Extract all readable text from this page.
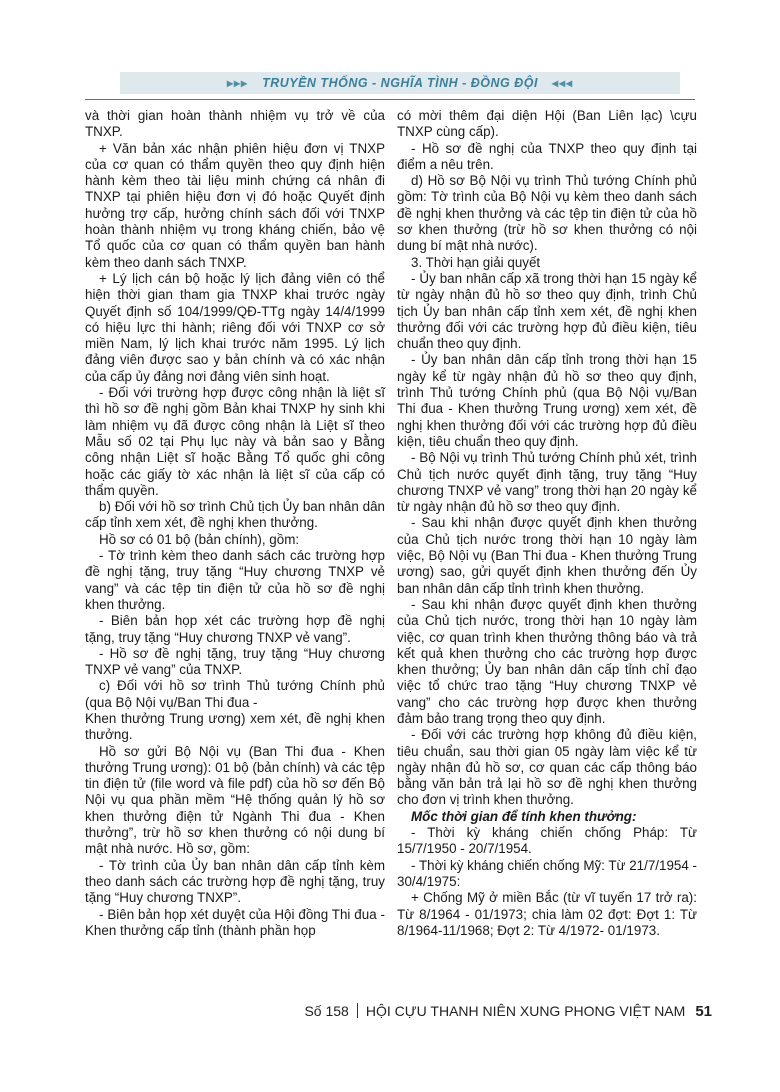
▸▸▸ TRUYỀN THỐNG - NGHĨA TÌNH - ĐỒNG ĐỘI ◂◂◂

và thời gian hoàn thành nhiệm vụ trở về của TNXP.

+ Văn bản xác nhận phiên hiệu đơn vị TNXP của cơ quan có thẩm quyền theo quy định hiện hành kèm theo tài liệu minh chứng cá nhân đi TNXP tại phiên hiệu đơn vị đó hoặc Quyết định hưởng trợ cấp, hưởng chính sách đối với TNXP hoàn thành nhiệm vụ trong kháng chiến, bảo vệ Tổ quốc của cơ quan có thẩm quyền ban hành kèm theo danh sách TNXP.

+ Lý lịch cán bộ hoặc lý lịch đảng viên có thể hiện thời gian tham gia TNXP khai trước ngày Quyết định số 104/1999/QĐ-TTg ngày 14/4/1999 có hiệu lực thi hành; riêng đối với TNXP cơ sở miền Nam, lý lịch khai trước năm 1995. Lý lịch đảng viên được sao y bản chính và có xác nhận của cấp ủy đảng nơi đảng viên sinh hoạt.

- Đối với trường hợp được công nhận là liệt sĩ thì hồ sơ đề nghị gồm Bản khai TNXP hy sinh khi làm nhiệm vụ đã được công nhận là Liệt sĩ theo Mẫu số 02 tại Phụ lục này và bản sao y Bằng công nhận Liệt sĩ hoặc Bằng Tổ quốc ghi công hoặc các giấy tờ xác nhận là liệt sĩ của cấp có thẩm quyền.

b) Đối với hồ sơ trình Chủ tịch Ủy ban nhân dân cấp tỉnh xem xét, đề nghị khen thưởng.

Hồ sơ có 01 bộ (bản chính), gồm:

- Tờ trình kèm theo danh sách các trường hợp đề nghị tặng, truy tặng “Huy chương TNXP vẻ vang” và các tệp tin điện tử của hồ sơ đề nghị khen thưởng.

- Biên bản họp xét các trường hợp đề nghị tặng, truy tặng “Huy chương TNXP vẻ vang”.

- Hồ sơ đề nghị tặng, truy tặng “Huy chương TNXP vẻ vang” của TNXP.

c) Đối với hồ sơ trình Thủ tướng Chính phủ (qua Bộ Nội vụ/Ban Thi đua -

Khen thưởng Trung ương) xem xét, đề nghị khen thưởng.

Hồ sơ gửi Bộ Nội vụ (Ban Thi đua - Khen thưởng Trung ương): 01 bộ (bản chính) và các tệp tin điện tử (file word và file pdf) của hồ sơ đến Bộ Nội vụ qua phần mềm “Hệ thống quản lý hồ sơ khen thưởng điện tử Ngành Thi đua - Khen thưởng”, trừ hồ sơ khen thưởng có nội dung bí mật nhà nước. Hồ sơ, gồm:

- Tờ trình của Ủy ban nhân dân cấp tỉnh kèm theo danh sách các trường hợp đề nghị tặng, truy tặng “Huy chương TNXP”.

- Biên bản họp xét duyệt của Hội đồng Thi đua - Khen thưởng cấp tỉnh (thành phần họp

có mời thêm đại diện Hội (Ban Liên lạc) \cựu TNXP cùng cấp).

- Hồ sơ đề nghị của TNXP theo quy định tại điểm a nêu trên.

d) Hồ sơ Bộ Nội vụ trình Thủ tướng Chính phủ gồm: Tờ trình của Bộ Nội vụ kèm theo danh sách đề nghị khen thưởng và các tệp tin điện tử của hồ sơ khen thưởng (trừ hồ sơ khen thưởng có nội dung bí mật nhà nước).

3. Thời hạn giải quyết

- Ủy ban nhân cấp xã trong thời hạn 15 ngày kể từ ngày nhận đủ hồ sơ theo quy định, trình Chủ tịch Ủy ban nhân cấp tỉnh xem xét, đề nghị khen thưởng đối với các trường hợp đủ điều kiện, tiêu chuẩn theo quy định.

- Ủy ban nhân dân cấp tỉnh trong thời hạn 15 ngày kể từ ngày nhận đủ hồ sơ theo quy định, trình Thủ tướng Chính phủ (qua Bộ Nội vụ/Ban Thi đua - Khen thưởng Trung ương) xem xét, đề nghị khen thưởng đối với các trường hợp đủ điều kiện, tiêu chuẩn theo quy định.

- Bộ Nội vụ trình Thủ tướng Chính phủ xét, trình Chủ tịch nước quyết định tặng, truy tặng “Huy chương TNXP vẻ vang” trong thời hạn 20 ngày kể từ ngày nhận đủ hồ sơ theo quy định.

- Sau khi nhận được quyết định khen thưởng của Chủ tịch nước trong thời hạn 10 ngày làm việc, Bộ Nội vụ (Ban Thi đua - Khen thưởng Trung ương) sao, gửi quyết định khen thưởng đến Ủy ban nhân dân cấp tỉnh trình khen thưởng.

- Sau khi nhận được quyết định khen thưởng của Chủ tịch nước, trong thời hạn 10 ngày làm việc, cơ quan trình khen thưởng thông báo và trả kết quả khen thưởng cho các trường hợp được khen thưởng; Ủy ban nhân dân cấp tỉnh chỉ đạo việc tổ chức trao tặng “Huy chương TNXP vẻ vang” cho các trường hợp được khen thưởng đảm bảo trang trọng theo quy định.

- Đối với các trường hợp không đủ điều kiện, tiêu chuẩn, sau thời gian 05 ngày làm việc kể từ ngày nhận đủ hồ sơ, cơ quan các cấp thông báo bằng văn bản trả lại hồ sơ đề nghị khen thưởng cho đơn vị trình khen thưởng.

Mốc thời gian để tính khen thưởng:

- Thời kỳ kháng chiến chống Pháp: Từ 15/7/1950 - 20/7/1954.

- Thời kỳ kháng chiến chống Mỹ: Từ 21/7/1954 - 30/4/1975:

+ Chống Mỹ ở miền Bắc (từ vĩ tuyến 17 trở ra): Từ 8/1964 - 01/1973; chia làm 02 đợt: Đợt 1: Từ 8/1964-11/1968; Đợt 2: Từ 4/1972- 01/1973.

Số 158 HỘI CỰU THANH NIÊN XUNG PHONG VIỆT NAM 51
